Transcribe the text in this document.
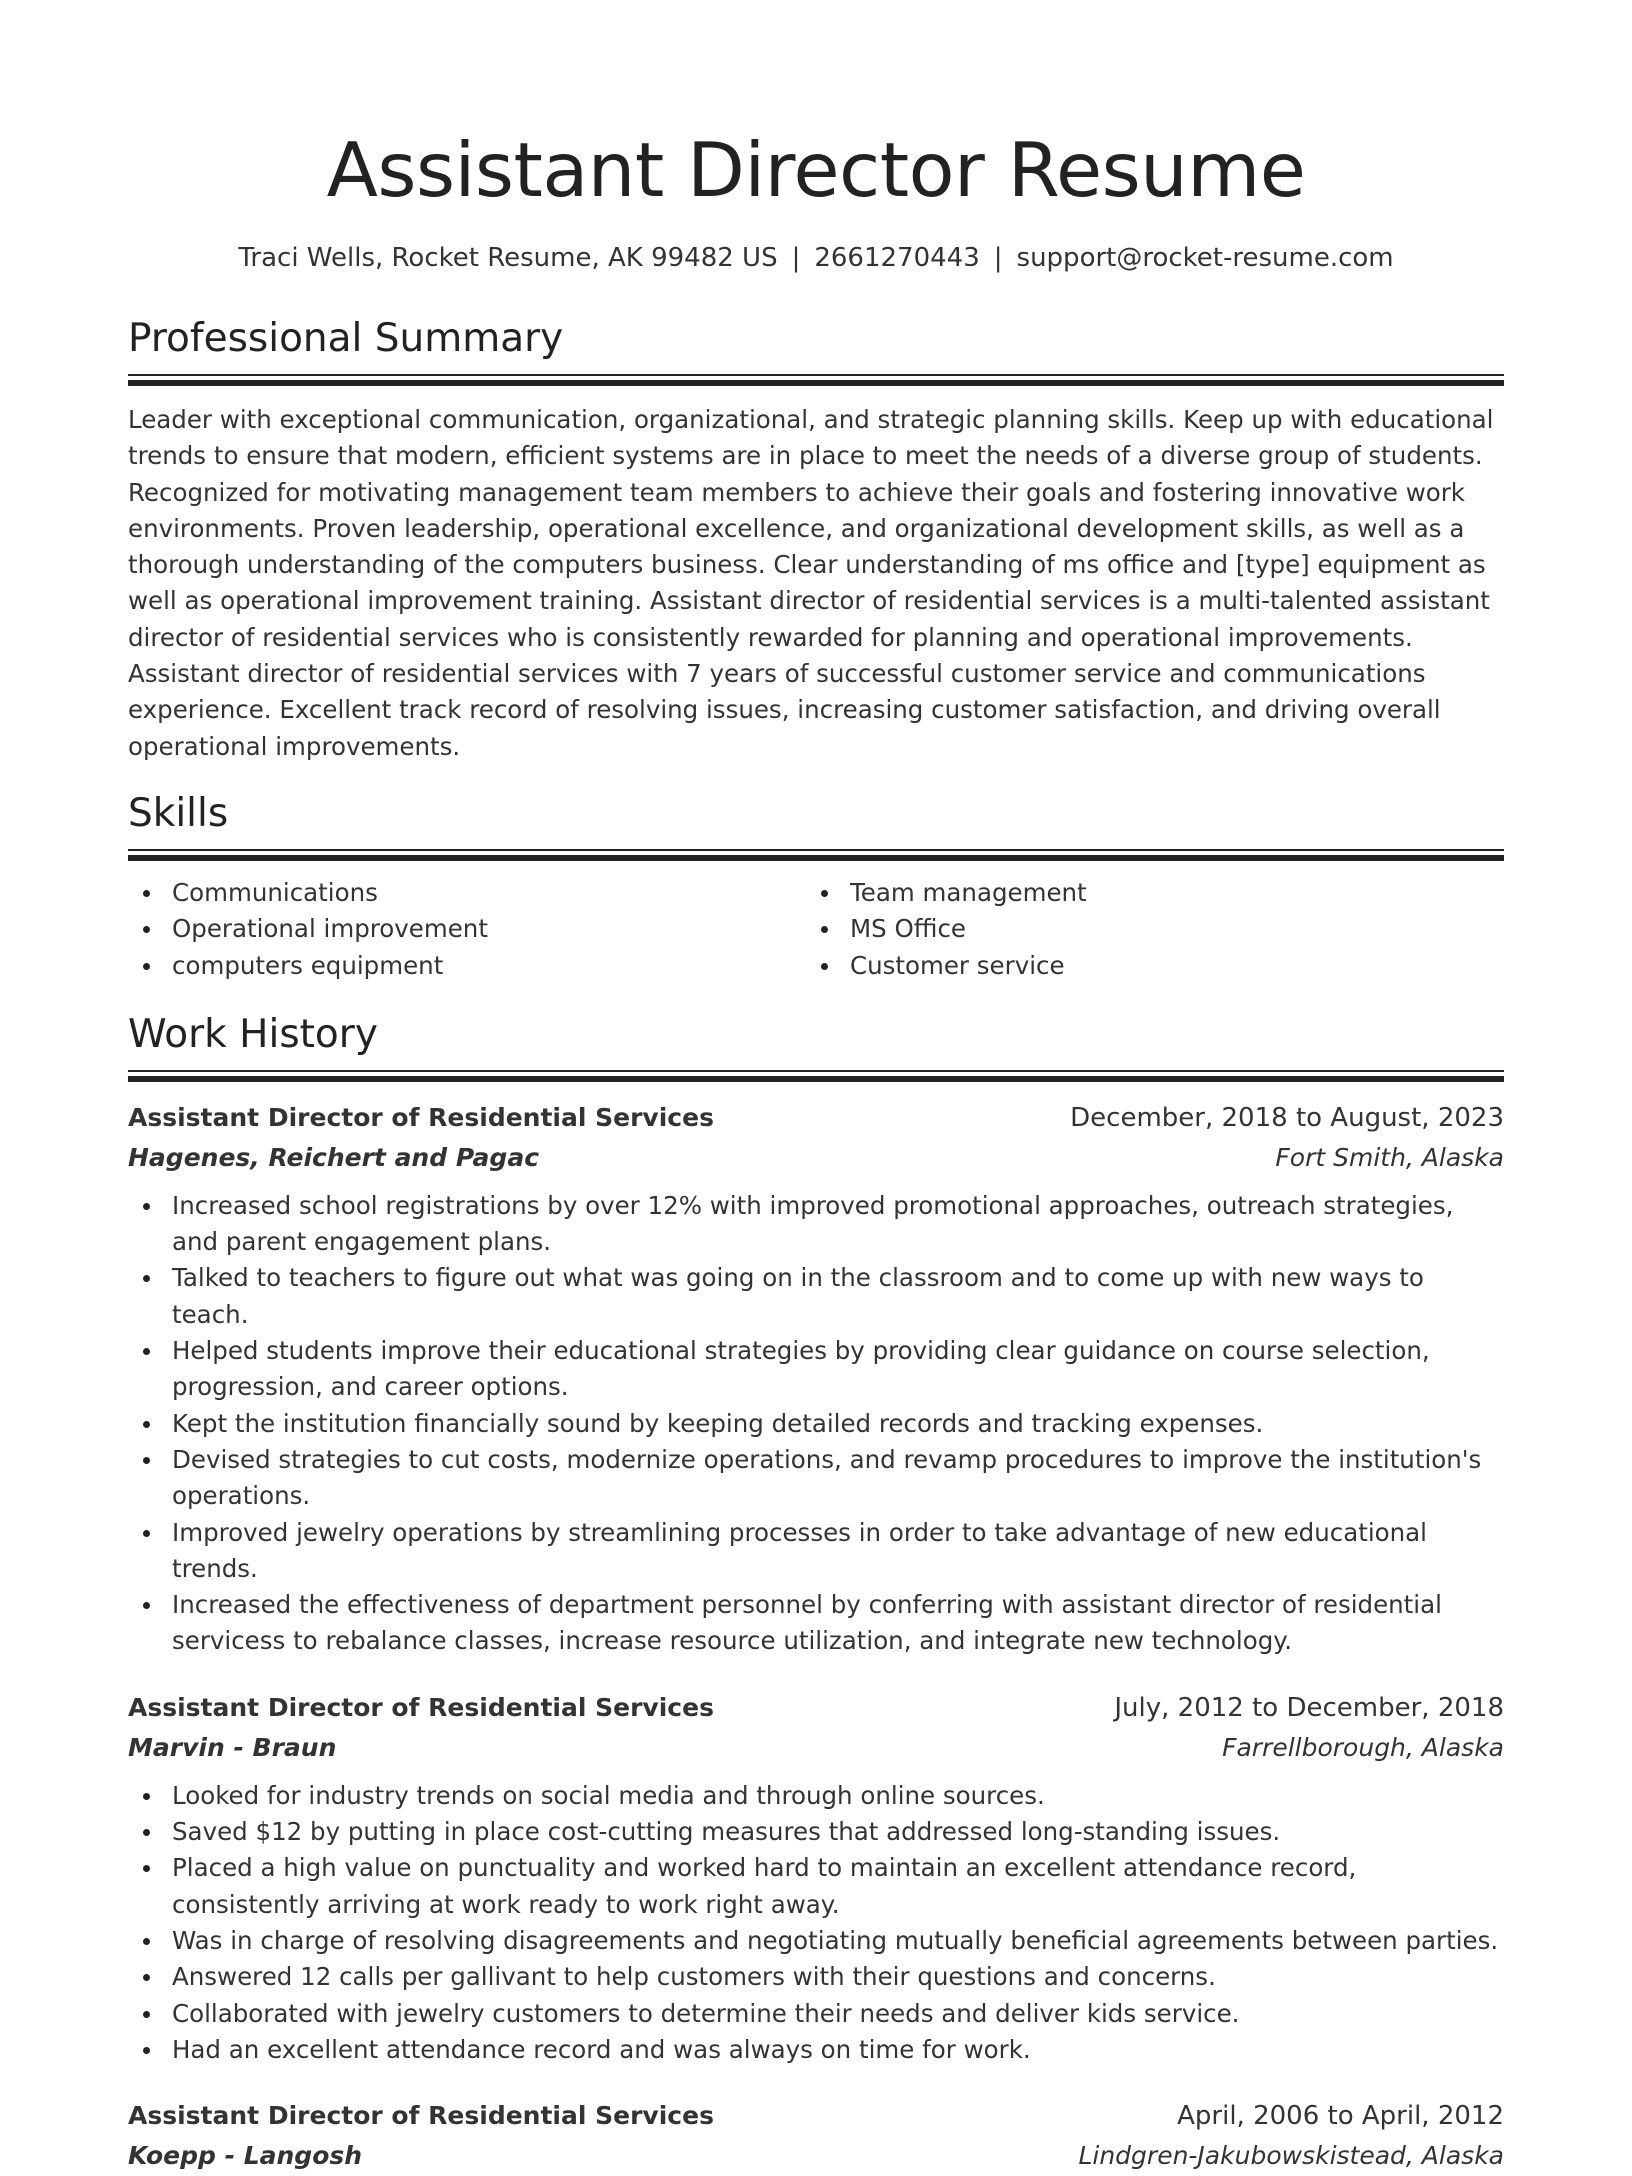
Assistant Director Resume
Traci Wells, Rocket Resume, AK 99482 US | 2661270443 | support@rocket-resume.com
Professional Summary

Leader with exceptional communication, organizational, and strategic planning skills. Keep up with educational trends to ensure that modern, efficient systems are in place to meet the needs of a diverse group of students. Recognized for motivating management team members to achieve their goals and fostering innovative work environments. Proven leadership, operational excellence, and organizational development skills, as well as a thorough understanding of the computers business. Clear understanding of ms office and [type] equipment as well as operational improvement training. Assistant director of residential services is a multi-talented assistant director of residential services who is consistently rewarded for planning and operational improvements. Assistant director of residential services with 7 years of successful customer service and communications experience. Excellent track record of resolving issues, increasing customer satisfaction, and driving overall operational improvements.

Skills
Communications
Operational improvement
computers equipment
Team management
MS Office
Customer service
Work History
Assistant Director of Residential Services	December, 2018 to August, 2023
Hagenes, Reichert and Pagac	Fort Smith, Alaska
Increased school registrations by over 12% with improved promotional approaches, outreach strategies, and parent engagement plans.
Talked to teachers to figure out what was going on in the classroom and to come up with new ways to teach.
Helped students improve their educational strategies by providing clear guidance on course selection, progression, and career options.
Kept the institution financially sound by keeping detailed records and tracking expenses.
Devised strategies to cut costs, modernize operations, and revamp procedures to improve the institution's operations.
Improved jewelry operations by streamlining processes in order to take advantage of new educational trends.
Increased the effectiveness of department personnel by conferring with assistant director of residential servicess to rebalance classes, increase resource utilization, and integrate new technology.
Assistant Director of Residential Services	July, 2012 to December, 2018
Marvin - Braun	Farrellborough, Alaska
Looked for industry trends on social media and through online sources.
Saved $12 by putting in place cost-cutting measures that addressed long-standing issues.
Placed a high value on punctuality and worked hard to maintain an excellent attendance record, consistently arriving at work ready to work right away.
Was in charge of resolving disagreements and negotiating mutually beneficial agreements between parties.
Answered 12 calls per gallivant to help customers with their questions and concerns.
Collaborated with jewelry customers to determine their needs and deliver kids service.
Had an excellent attendance record and was always on time for work.
Assistant Director of Residential Services	April, 2006 to April, 2012
Koepp - Langosh	Lindgren-Jakubowskistead, Alaska
